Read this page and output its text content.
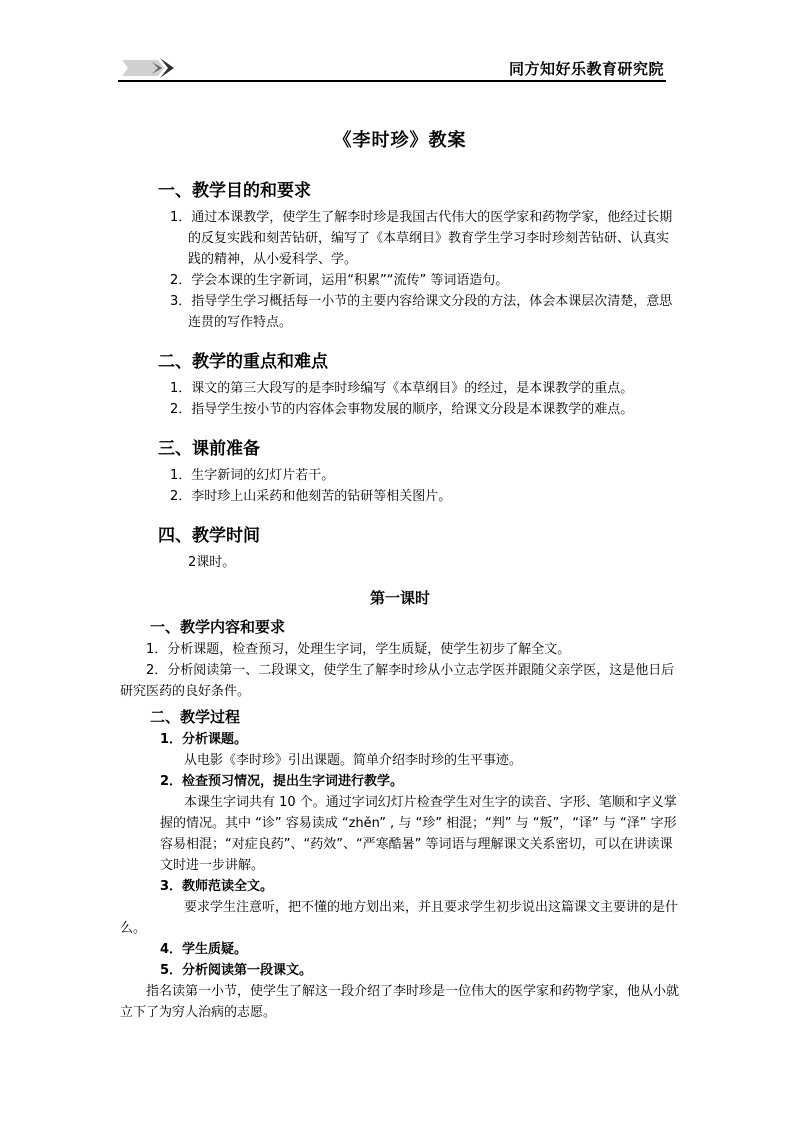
同方知好乐教育研究院
《李时珍》教案
一、教学目的和要求
1．通过本课教学，使学生了解李时珍是我国古代伟大的医学家和药物学家，他经过长期的反复实践和刻苦钻研，编写了《本草纲目》教育学生学习李时珍刻苦钻研、认真实践的精神，从小爱科学、学。
2．学会本课的生字新词，运用“积累”“流传” 等词语造句。
3．指导学生学习概括每一小节的主要内容给课文分段的方法，体会本课层次清楚，意思连贯的写作特点。
二、教学的重点和难点
1．课文的第三大段写的是李时珍编写《本草纲目》的经过，是本课教学的重点。
2．指导学生按小节的内容体会事物发展的顺序，给课文分段是本课教学的难点。
三、课前准备
1．生字新词的幻灯片若干。
2．李时珍上山采药和他刻苦的钻研等相关图片。
四、教学时间
2课时。
第一课时
一、教学内容和要求
1．分析课题，检查预习，处理生字词，学生质疑，使学生初步了解全文。
2．分析阅读第一、二段课文，使学生了解李时珍从小立志学医并跟随父亲学医，这是他日后研究医药的良好条件。
二、教学过程
1．分析课题。
从电影《李时珍》引出课题。简单介绍李时珍的生平事迹。
2．检查预习情况，提出生字词进行教学。
本课生字词共有 10 个。通过字词幻灯片检查学生对生字的读音、字形、笔顺和字义掌握的情况。其中 “诊” 容易读成 “zhěn” , 与 “珍” 相混；“判” 与 “叛”，“译” 与 “泽” 字形容易相混；“对症良药”、“药效”、“严寒酷暑” 等词语与理解课文关系密切，可以在讲读课文时进一步讲解。
3．教师范读全文。
要求学生注意听，把不懂的地方划出来，并且要求学生初步说出这篇课文主要讲的是什么。
4．学生质疑。
5．分析阅读第一段课文。
指名读第一小节，使学生了解这一段介绍了李时珍是一位伟大的医学家和药物学家，他从小就立下了为穷人治病的志愿。
